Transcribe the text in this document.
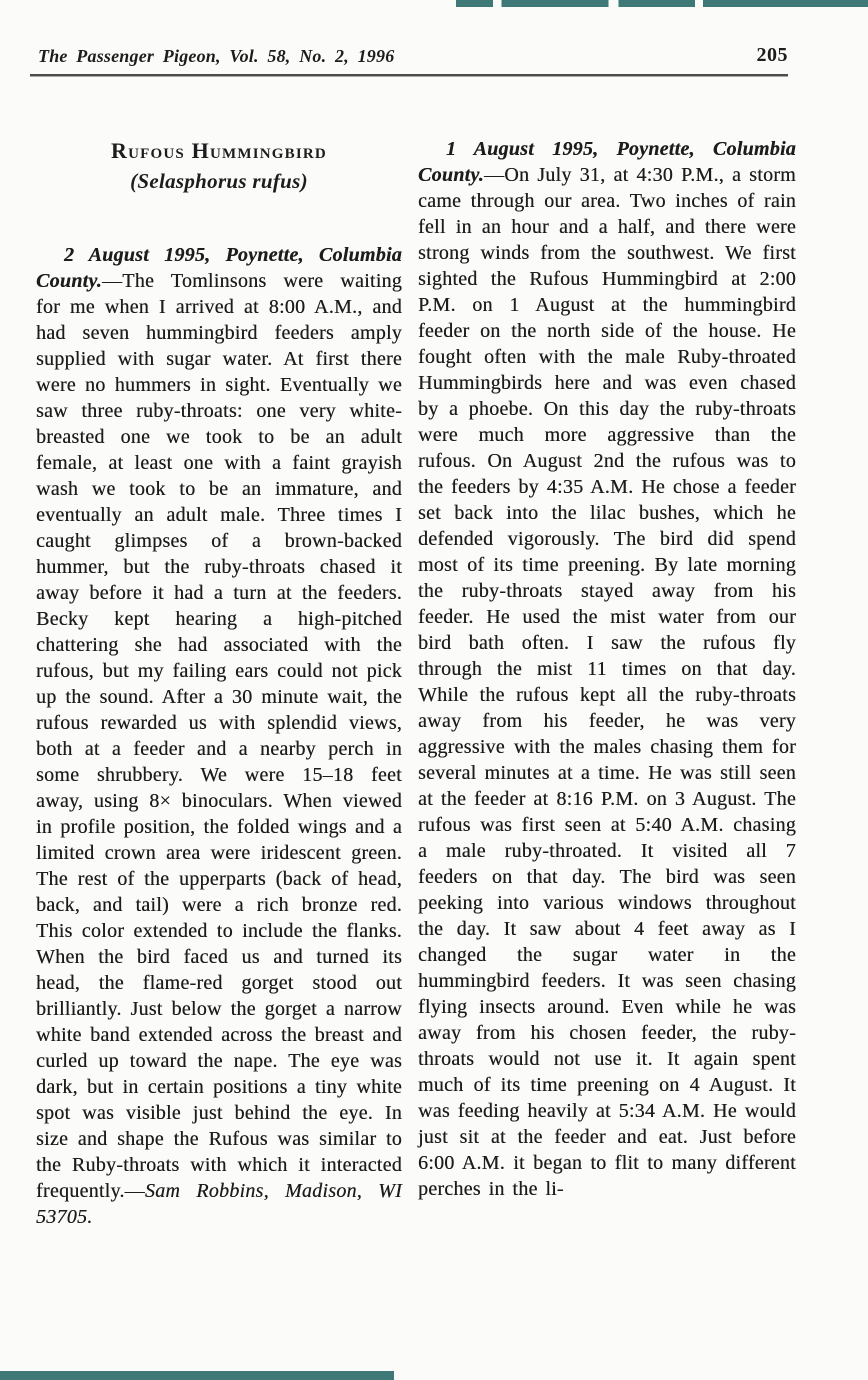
The Passenger Pigeon, Vol. 58, No. 2, 1996	205
Rufous Hummingbird
(Selasphorus rufus)

2 August 1995, Poynette, Columbia County.—The Tomlinsons were waiting for me when I arrived at 8:00 A.M., and had seven hummingbird feeders amply supplied with sugar water. At first there were no hummers in sight. Eventually we saw three ruby-throats: one very white-breasted one we took to be an adult female, at least one with a faint grayish wash we took to be an immature, and eventually an adult male. Three times I caught glimpses of a brown-backed hummer, but the ruby-throats chased it away before it had a turn at the feeders. Becky kept hearing a high-pitched chattering she had associated with the rufous, but my failing ears could not pick up the sound. After a 30 minute wait, the rufous rewarded us with splendid views, both at a feeder and a nearby perch in some shrubbery. We were 15–18 feet away, using 8× binoculars. When viewed in profile position, the folded wings and a limited crown area were iridescent green. The rest of the upperparts (back of head, back, and tail) were a rich bronze red. This color extended to include the flanks. When the bird faced us and turned its head, the flame-red gorget stood out brilliantly. Just below the gorget a narrow white band extended across the breast and curled up toward the nape. The eye was dark, but in certain positions a tiny white spot was visible just behind the eye. In size and shape the Rufous was similar to the Ruby-throats with which it interacted frequently.—Sam Robbins, Madison, WI 53705.

1 August 1995, Poynette, Columbia County.—On July 31, at 4:30 P.M., a storm came through our area. Two inches of rain fell in an hour and a half, and there were strong winds from the southwest. We first sighted the Rufous Hummingbird at 2:00 P.M. on 1 August at the hummingbird feeder on the north side of the house. He fought often with the male Ruby-throated Hummingbirds here and was even chased by a phoebe. On this day the ruby-throats were much more aggressive than the rufous. On August 2nd the rufous was to the feeders by 4:35 A.M. He chose a feeder set back into the lilac bushes, which he defended vigorously. The bird did spend most of its time preening. By late morning the ruby-throats stayed away from his feeder. He used the mist water from our bird bath often. I saw the rufous fly through the mist 11 times on that day. While the rufous kept all the ruby-throats away from his feeder, he was very aggressive with the males chasing them for several minutes at a time. He was still seen at the feeder at 8:16 P.M. on 3 August. The rufous was first seen at 5:40 A.M. chasing a male ruby-throated. It visited all 7 feeders on that day. The bird was seen peeking into various windows throughout the day. It saw about 4 feet away as I changed the sugar water in the hummingbird feeders. It was seen chasing flying insects around. Even while he was away from his chosen feeder, the ruby-throats would not use it. It again spent much of its time preening on 4 August. It was feeding heavily at 5:34 A.M. He would just sit at the feeder and eat. Just before 6:00 A.M. it began to flit to many different perches in the li-
